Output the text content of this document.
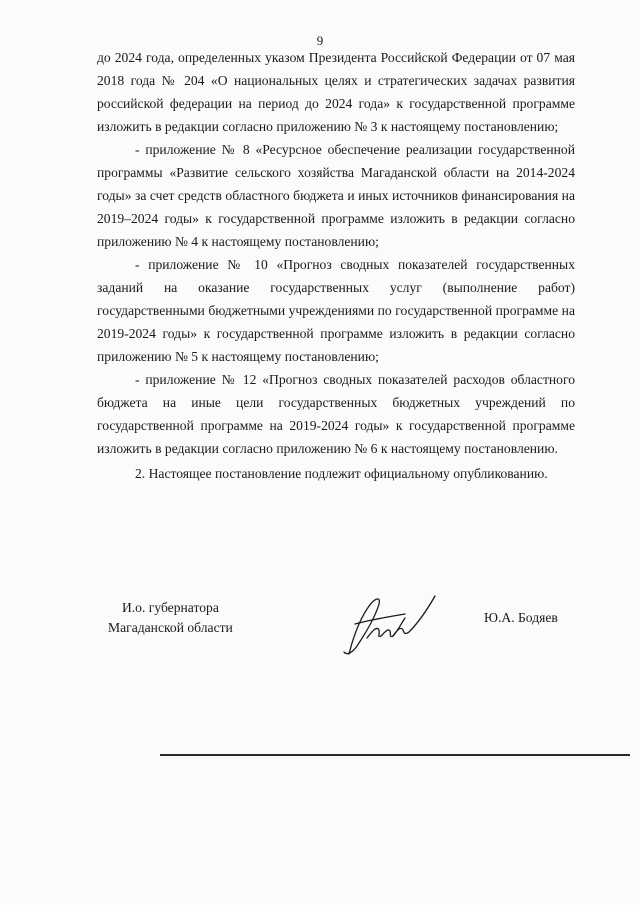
9

до 2024 года, определенных указом Президента Российской Федерации от 07 мая 2018 года № 204 «О национальных целях и стратегических задачах развития российской федерации на период до 2024 года» к государственной программе изложить в редакции согласно приложению № 3 к настоящему постановлению;

- приложение № 8 «Ресурсное обеспечение реализации государственной программы «Развитие сельского хозяйства Магаданской области на 2014-2024 годы» за счет средств областного бюджета и иных источников финансирования на 2019–2024 годы» к государственной программе изложить в редакции согласно приложению № 4 к настоящему постановлению;

- приложение № 10 «Прогноз сводных показателей государственных заданий на оказание государственных услуг (выполнение работ) государственными бюджетными учреждениями по государственной программе на 2019-2024 годы» к государственной программе изложить в редакции согласно приложению № 5 к настоящему постановлению;

- приложение № 12 «Прогноз сводных показателей расходов областного бюджета на иные цели государственных бюджетных учреждений по государственной программе на 2019-2024 годы» к государственной программе изложить в редакции согласно приложению № 6 к настоящему постановлению.

2. Настоящее постановление подлежит официальному опубликованию.

И.о. губернатора
Магаданской области
Ю.А. Бодяев
